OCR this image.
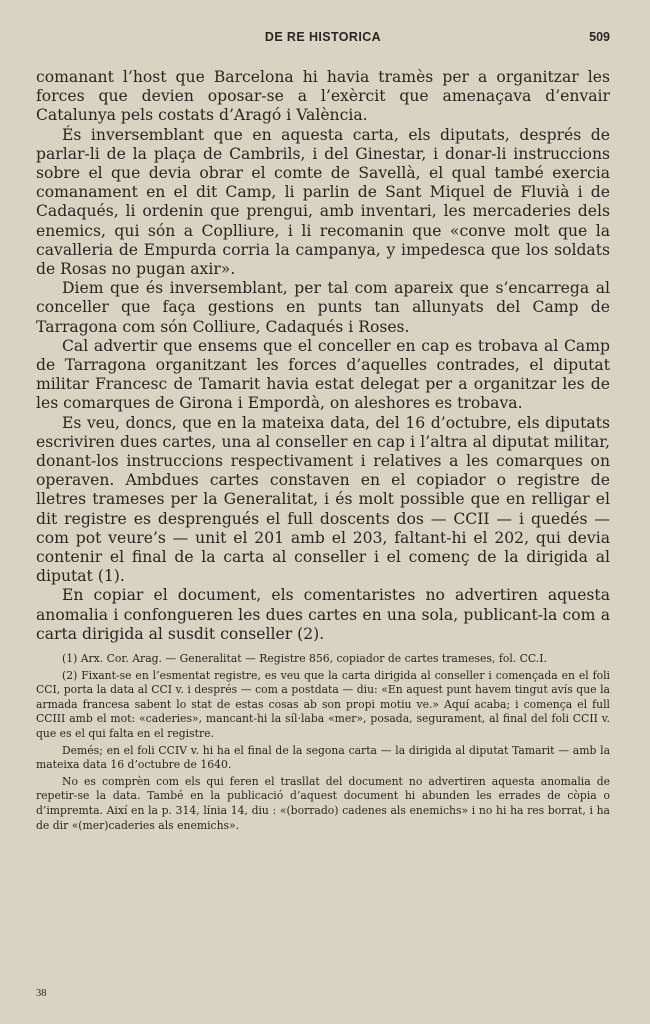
DE RE HISTORICA	509

comanant l’host que Barcelona hi havia tramès per a organitzar les forces que devien oposar-se a l’exèrcit que amenaçava d’envair Catalunya pels costats d’Aragó i València.

És inversemblant que en aquesta carta, els diputats, després de parlar-li de la plaça de Cambrils, i del Ginestar, i donar-li instruccions sobre el que devia obrar el comte de Savellà, el qual també exercia comanament en el dit Camp, li parlin de Sant Miquel de Fluvià i de Cadaqués, li ordenin que prengui, amb inventari, les mercaderies dels enemics, qui són a Coplliure, i li recomanin que «conve molt que la cavalleria de Empurda corria la campanya, y impedesca que los soldats de Rosas no pugan axir».

Diem que és inversemblant, per tal com apareix que s’encarrega al conceller que faça gestions en punts tan allunyats del Camp de Tarragona com són Colliure, Cadaqués i Roses.

Cal advertir que ensems que el conceller en cap es trobava al Camp de Tarragona organitzant les forces d’aquelles contrades, el diputat militar Francesc de Tamarit havia estat delegat per a organitzar les de les comarques de Girona i Empordà, on aleshores es trobava.

Es veu, doncs, que en la mateixa data, del 16 d’octubre, els diputats escriviren dues cartes, una al conseller en cap i l’altra al diputat militar, donant-los instruccions respectivament i relatives a les comarques on operaven. Ambdues cartes constaven en el copiador o registre de lletres trameses per la Generalitat, i és molt possible que en relligar el dit registre es desprengués el full doscents dos — CCII — i quedés — com pot veure’s — unit el 201 amb el 203, faltant-hi el 202, qui devia contenir el final de la carta al conseller i el començ de la dirigida al diputat (1).

En copiar el document, els comentaristes no advertiren aquesta anomalia i confongueren les dues cartes en una sola, publicant-la com a carta dirigida al susdit conseller (2).

(1) Arx. Cor. Arag. — Generalitat — Registre 856, copiador de cartes trameses, fol. CC.I.

(2) Fixant-se en l’esmentat registre, es veu que la carta dirigida al conseller i començada en el foli CCI, porta la data al CCI v. i després — com a postdata — diu: «En aquest punt havem tingut avís que la armada francesa sabent lo stat de estas cosas ab son propi motiu ve.» Aquí acaba; i comença el full CCIII amb el mot: «caderies», mancant-hi la síl·laba «mer», posada, segurament, al final del foli CCII v. que es el qui falta en el registre.

Demés; en el foli CCIV v. hi ha el final de la segona carta — la dirigida al diputat Tamarit — amb la mateixa data 16 d’octubre de 1640.

No es comprèn com els qui feren el trasllat del document no advertiren aquesta anomalia de repetir-se la data. També en la publicació d’aquest document hi abunden les errades de còpia o d’impremta. Així en la p. 314, línia 14, diu : «(borrado) cadenes als enemichs» i no hi ha res borrat, i ha de dir «(mer)caderies als enemichs».

38
